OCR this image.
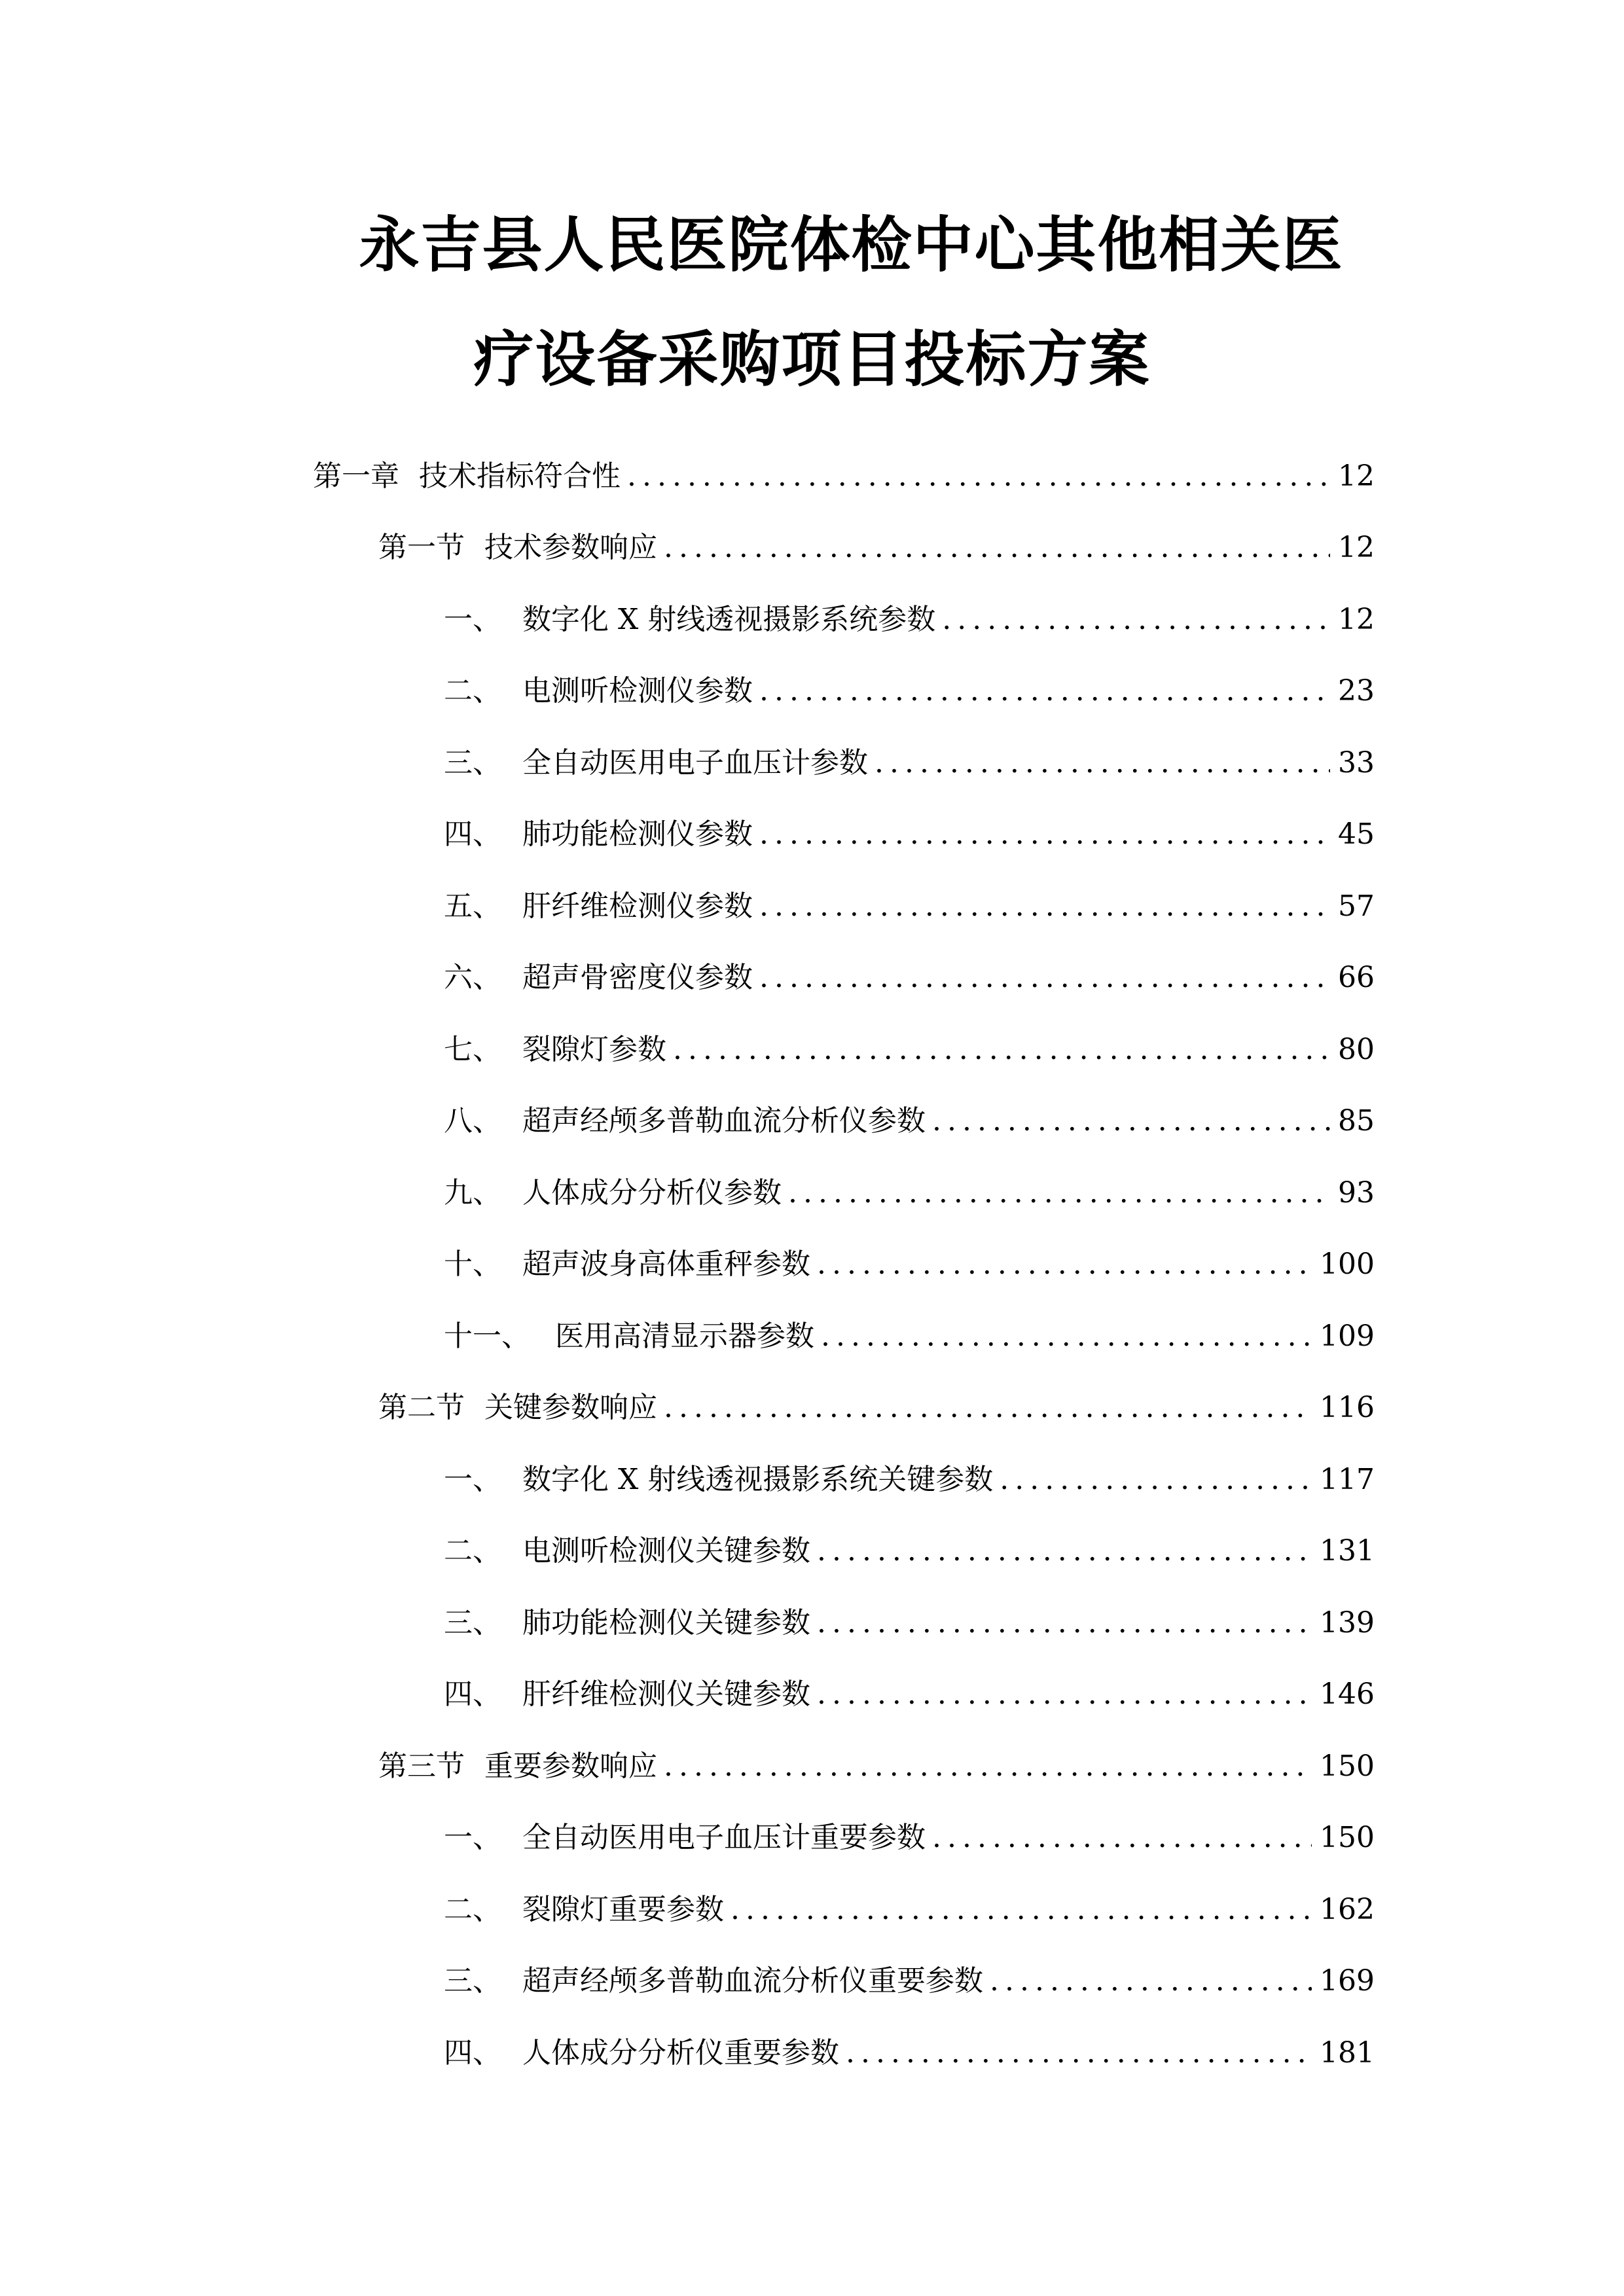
永吉县人民医院体检中心其他相关医
疗设备采购项目投标方案
第一章 技术指标符合性 .....	12
第一节 技术参数响应 .....	12
一、 数字化 X 射线透视摄影系统参数 .....	12
二、 电测听检测仪参数 .....	23
三、 全自动医用电子血压计参数 .....	33
四、 肺功能检测仪参数 .....	45
五、 肝纤维检测仪参数 .....	57
六、 超声骨密度仪参数 .....	66
七、 裂隙灯参数 .....	80
八、 超声经颅多普勒血流分析仪参数 .....	85
九、 人体成分分析仪参数 .....	93
十、 超声波身高体重秤参数 .....	100
十一、 医用高清显示器参数 .....	109
第二节 关键参数响应 .....	116
一、 数字化 X 射线透视摄影系统关键参数 .....	117
二、 电测听检测仪关键参数 .....	131
三、 肺功能检测仪关键参数 .....	139
四、 肝纤维检测仪关键参数 .....	146
第三节 重要参数响应 .....	150
一、 全自动医用电子血压计重要参数 .....	150
二、 裂隙灯重要参数 .....	162
三、 超声经颅多普勒血流分析仪重要参数 .....	169
四、 人体成分分析仪重要参数 .....	181
